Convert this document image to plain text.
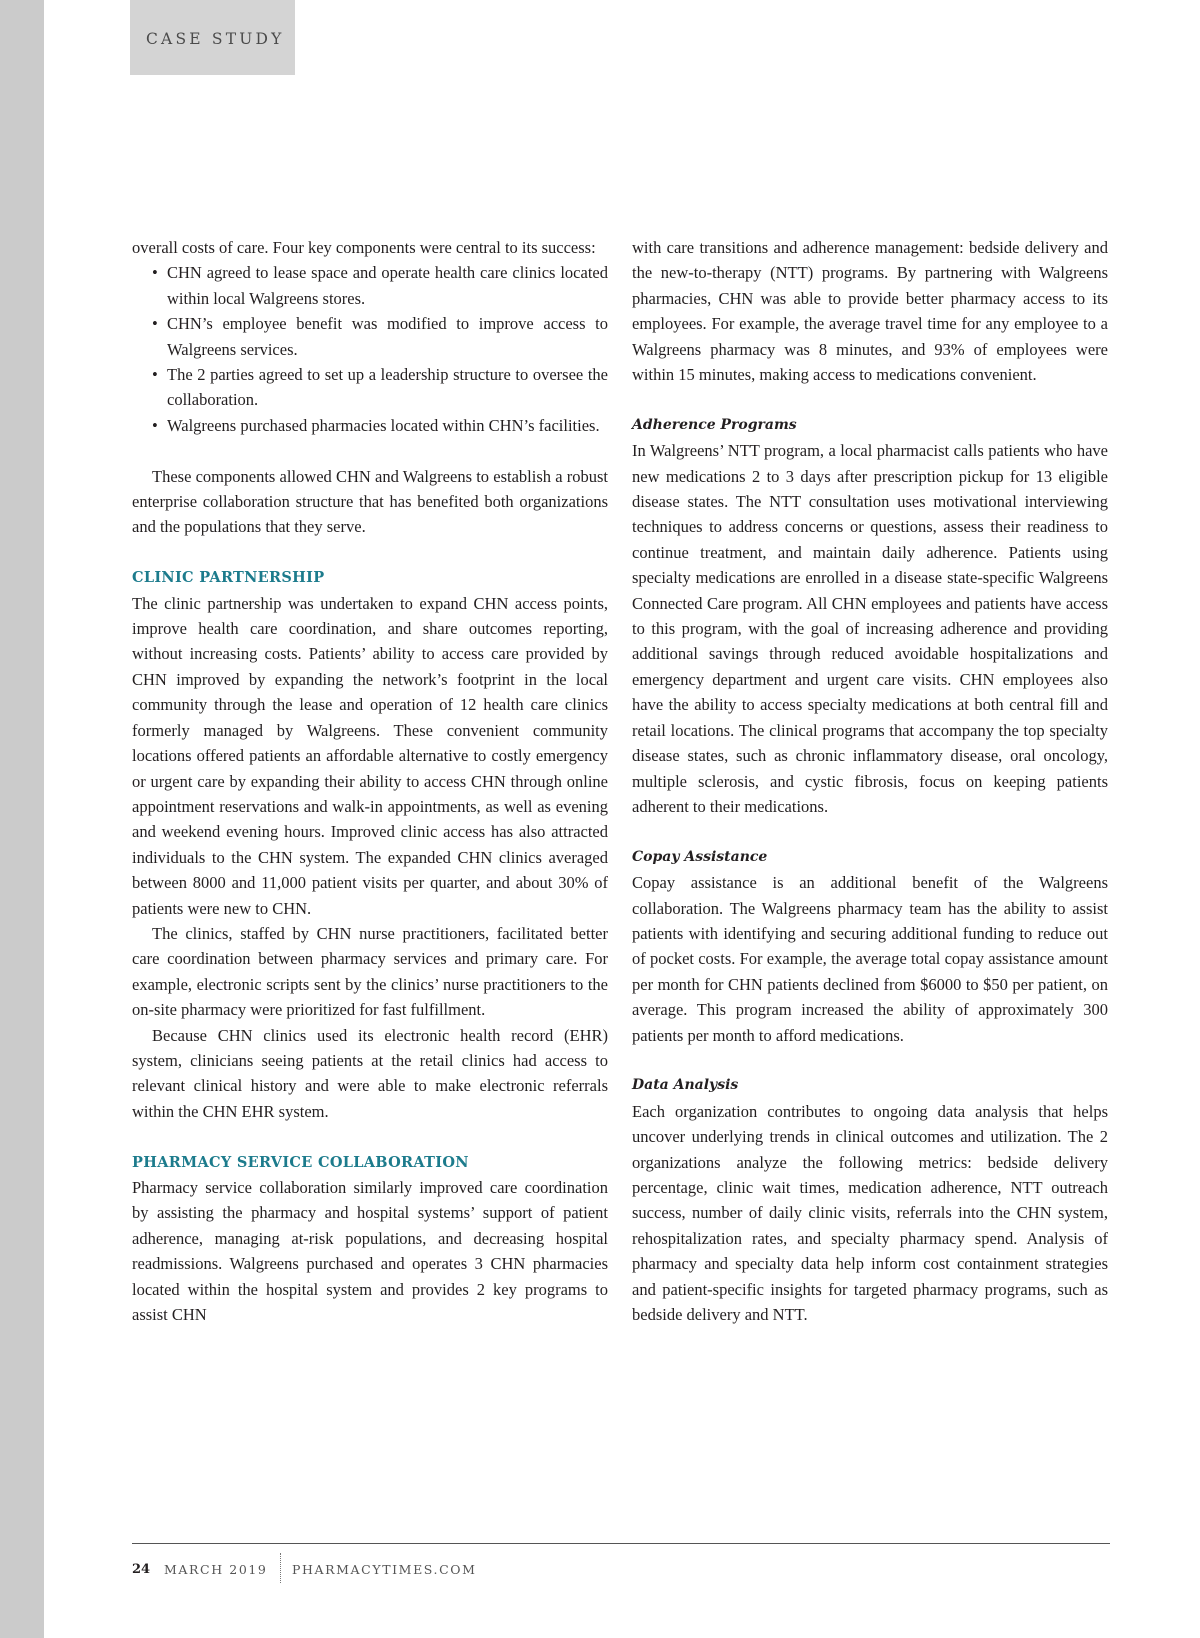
CASE STUDY

overall costs of care. Four key components were central to its success:

• CHN agreed to lease space and operate health care clinics located within local Walgreens stores.
• CHN’s employee benefit was modified to improve access to Walgreens services.
• The 2 parties agreed to set up a leadership structure to oversee the collaboration.
• Walgreens purchased pharmacies located within CHN’s facilities.

These components allowed CHN and Walgreens to establish a robust enterprise collaboration structure that has benefited both organizations and the populations that they serve.

CLINIC PARTNERSHIP

The clinic partnership was undertaken to expand CHN access points, improve health care coordination, and share outcomes reporting, without increasing costs. Patients’ ability to access care provided by CHN improved by expanding the network’s footprint in the local community through the lease and operation of 12 health care clinics formerly managed by Walgreens. These convenient community locations offered patients an affordable alternative to costly emergency or urgent care by expanding their ability to access CHN through online appointment reservations and walk-in appointments, as well as evening and weekend evening hours. Improved clinic access has also attracted individuals to the CHN system. The expanded CHN clinics averaged between 8000 and 11,000 patient visits per quarter, and about 30% of patients were new to CHN.

The clinics, staffed by CHN nurse practitioners, facilitated better care coordination between pharmacy services and primary care. For example, electronic scripts sent by the clinics’ nurse practitioners to the on-site pharmacy were prioritized for fast fulfillment.

Because CHN clinics used its electronic health record (EHR) system, clinicians seeing patients at the retail clinics had access to relevant clinical history and were able to make electronic referrals within the CHN EHR system.

PHARMACY SERVICE COLLABORATION

Pharmacy service collaboration similarly improved care coordination by assisting the pharmacy and hospital systems’ support of patient adherence, managing at-risk populations, and decreasing hospital readmissions. Walgreens purchased and operates 3 CHN pharmacies located within the hospital system and provides 2 key programs to assist CHN

with care transitions and adherence management: bedside delivery and the new-to-therapy (NTT) programs. By partnering with Walgreens pharmacies, CHN was able to provide better pharmacy access to its employees. For example, the average travel time for any employee to a Walgreens pharmacy was 8 minutes, and 93% of employees were within 15 minutes, making access to medications convenient.

Adherence Programs

In Walgreens’ NTT program, a local pharmacist calls patients who have new medications 2 to 3 days after prescription pickup for 13 eligible disease states. The NTT consultation uses motivational interviewing techniques to address concerns or questions, assess their readiness to continue treatment, and maintain daily adherence. Patients using specialty medications are enrolled in a disease state-specific Walgreens Connected Care program. All CHN employees and patients have access to this program, with the goal of increasing adherence and providing additional savings through reduced avoidable hospitalizations and emergency department and urgent care visits. CHN employees also have the ability to access specialty medications at both central fill and retail locations. The clinical programs that accompany the top specialty disease states, such as chronic inflammatory disease, oral oncology, multiple sclerosis, and cystic fibrosis, focus on keeping patients adherent to their medications.

Copay Assistance

Copay assistance is an additional benefit of the Walgreens collaboration. The Walgreens pharmacy team has the ability to assist patients with identifying and securing additional funding to reduce out of pocket costs. For example, the average total copay assistance amount per month for CHN patients declined from $6000 to $50 per patient, on average. This program increased the ability of approximately 300 patients per month to afford medications.

Data Analysis

Each organization contributes to ongoing data analysis that helps uncover underlying trends in clinical outcomes and utilization. The 2 organizations analyze the following metrics: bedside delivery percentage, clinic wait times, medication adherence, NTT outreach success, number of daily clinic visits, referrals into the CHN system, rehospitalization rates, and specialty pharmacy spend. Analysis of pharmacy and specialty data help inform cost containment strategies and patient-specific insights for targeted pharmacy programs, such as bedside delivery and NTT.

24 MARCH 2019 PHARMACYTIMES.COM
